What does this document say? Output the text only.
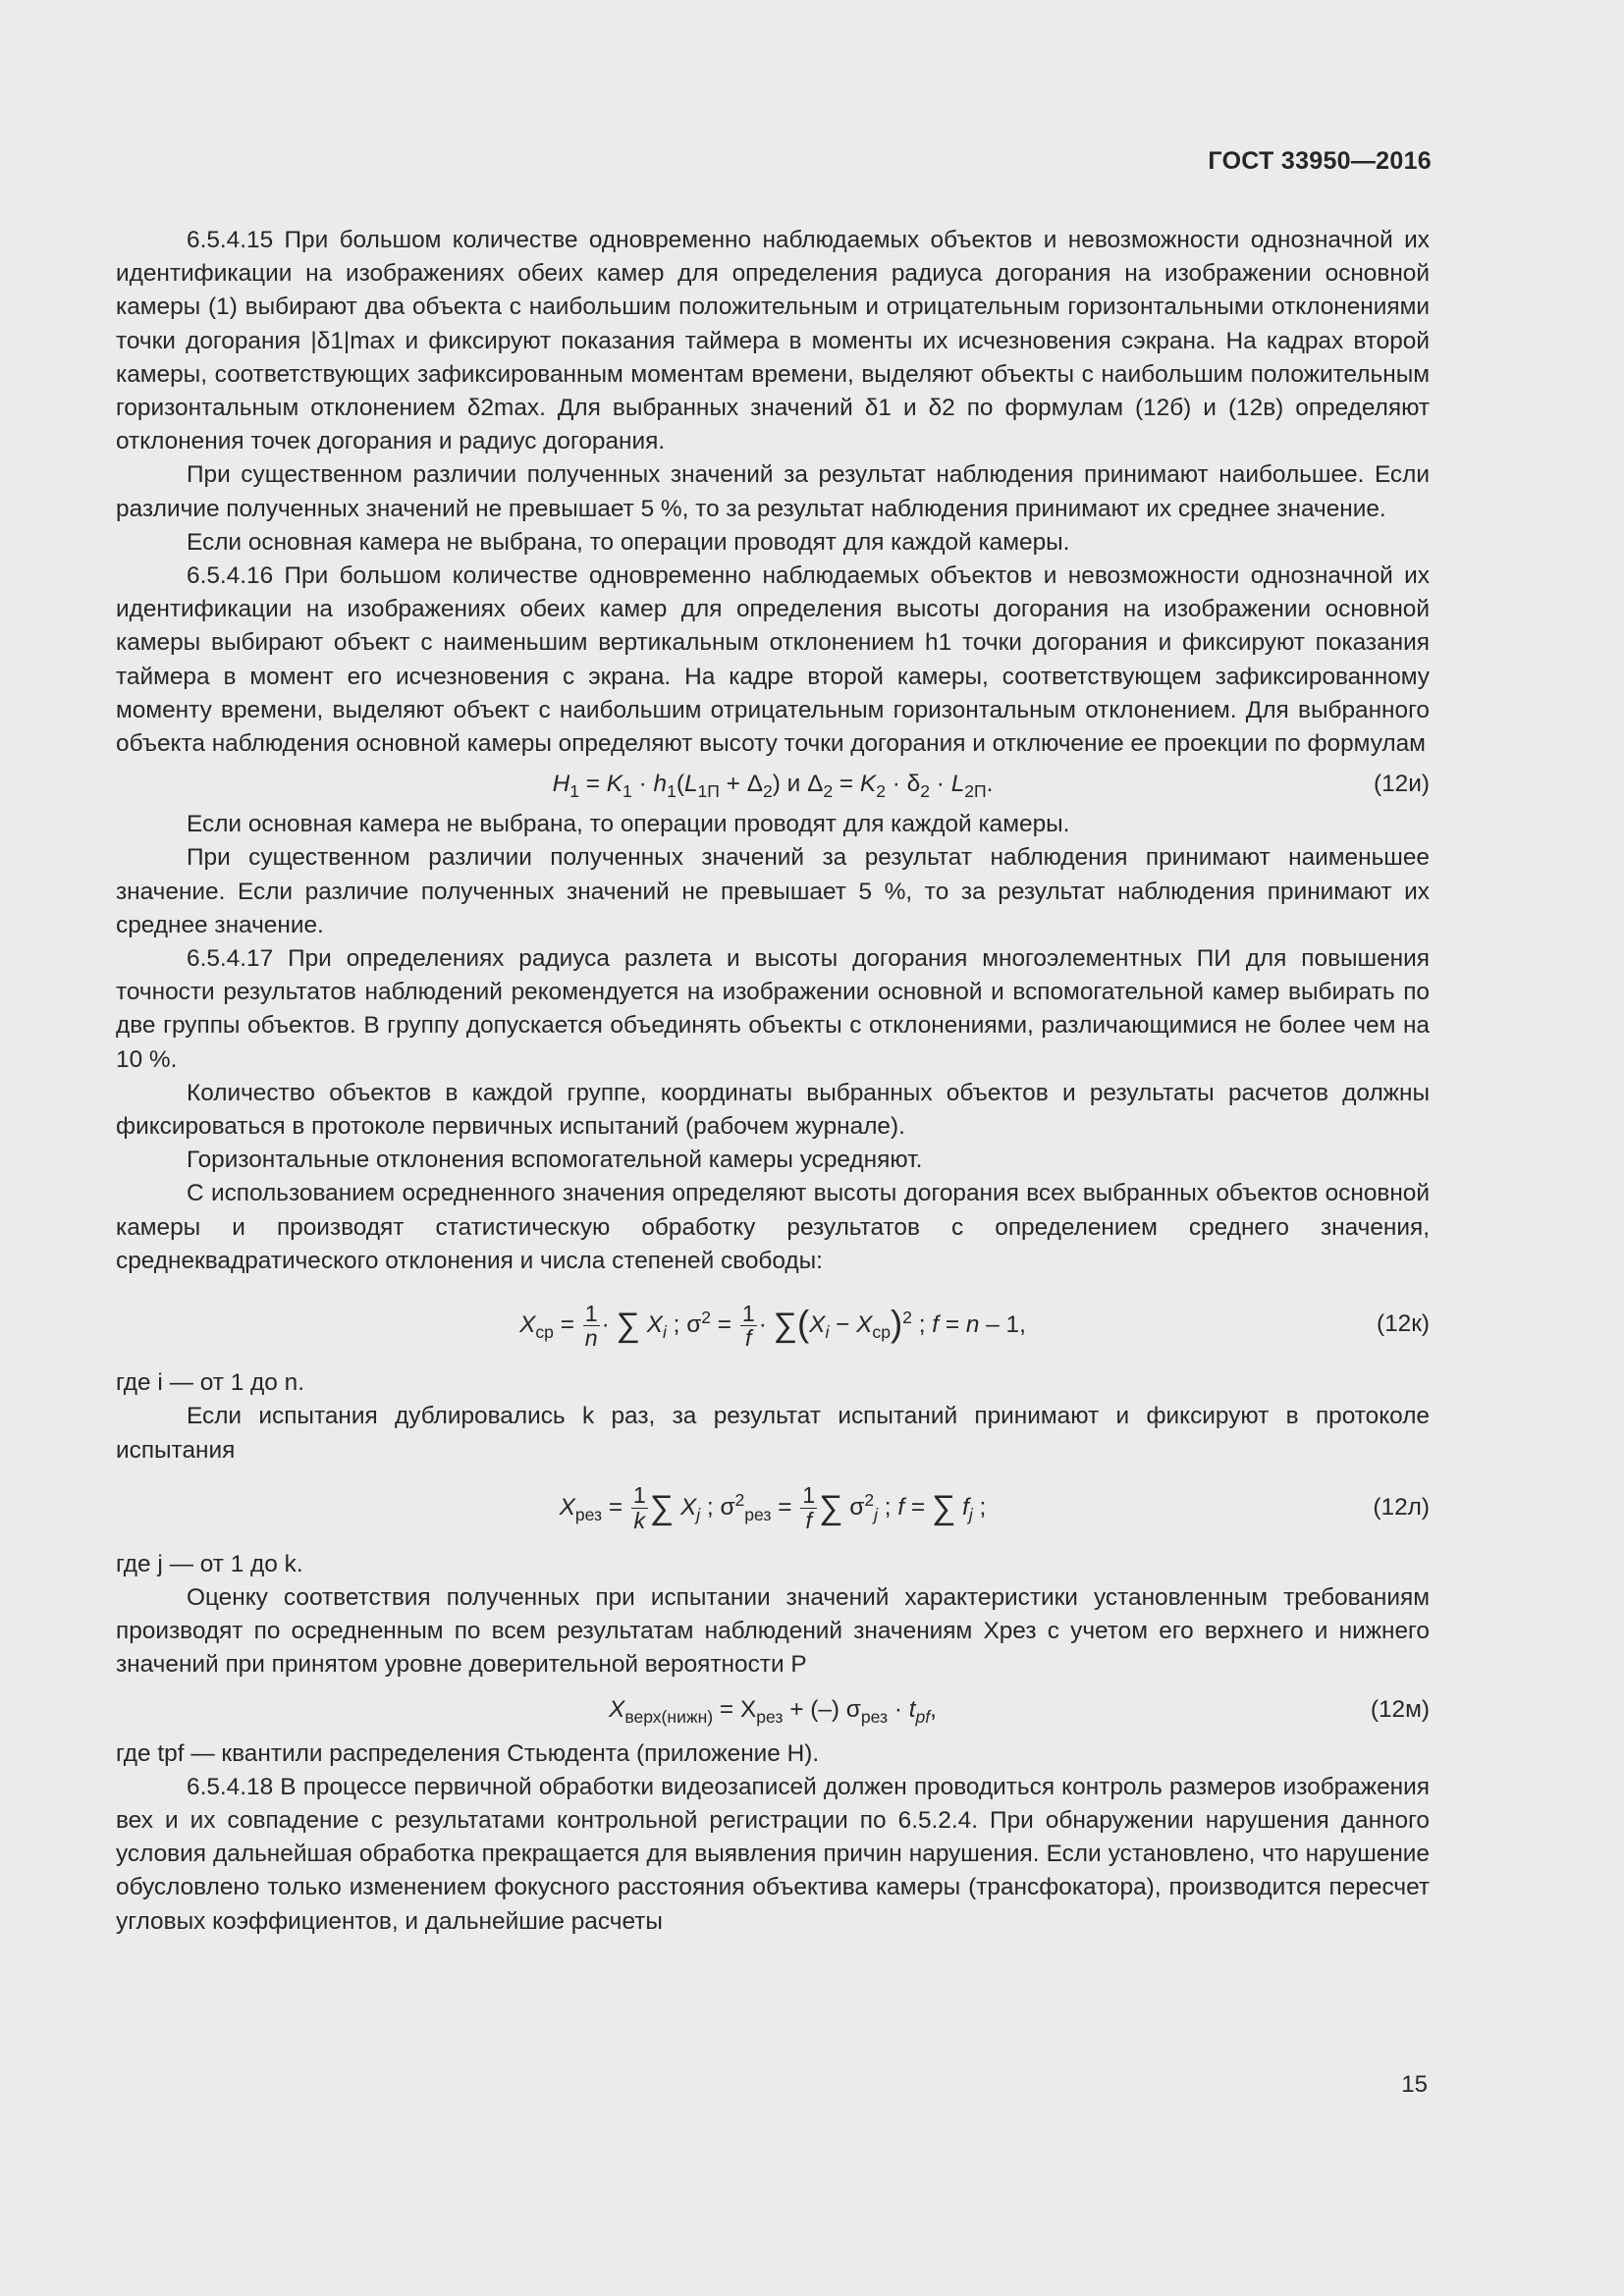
ГОСТ 33950—2016

6.5.4.15 При большом количестве одновременно наблюдаемых объектов и невозможности однозначной их идентификации на изображениях обеих камер для определения радиуса догорания на изображении основной камеры (1) выбирают два объекта с наибольшим положительным и отрицательным горизонтальными отклонениями точки догорания |δ1|max и фиксируют показания таймера в моменты их исчезновения сэкрана. На кадрах второй камеры, соответствующих зафиксированным моментам времени, выделяют объекты с наибольшим положительным горизонтальным отклонением δ2max. Для выбранных значений δ1 и δ2 по формулам (12б) и (12в) определяют отклонения точек догорания и радиус догорания.

При существенном различии полученных значений за результат наблюдения принимают наибольшее. Если различие полученных значений не превышает 5 %, то за результат наблюдения принимают их среднее значение.

Если основная камера не выбрана, то операции проводят для каждой камеры.

6.5.4.16 При большом количестве одновременно наблюдаемых объектов и невозможности однозначной их идентификации на изображениях обеих камер для определения высоты догорания на изображении основной камеры выбирают объект с наименьшим вертикальным отклонением h1 точки догорания и фиксируют показания таймера в момент его исчезновения с экрана. На кадре второй камеры, соответствующем зафиксированному моменту времени, выделяют объект с наибольшим отрицательным горизонтальным отклонением. Для выбранного объекта наблюдения основной камеры определяют высоту точки догорания и отключение ее проекции по формулам

$H_1 = K_1 \cdot h_1(L_{1П} + \Delta_2)$ и $\Delta_2 = K_2 \cdot \delta_2 \cdot L_{2П}$.	(12и)

Если основная камера не выбрана, то операции проводят для каждой камеры.

При существенном различии полученных значений за результат наблюдения принимают наименьшее значение. Если различие полученных значений не превышает 5 %, то за результат наблюдения принимают их среднее значение.

6.5.4.17 При определениях радиуса разлета и высоты догорания многоэлементных ПИ для повышения точности результатов наблюдений рекомендуется на изображении основной и вспомогательной камер выбирать по две группы объектов. В группу допускается объединять объекты с отклонениями, различающимися не более чем на 10 %.

Количество объектов в каждой группе, координаты выбранных объектов и результаты расчетов должны фиксироваться в протоколе первичных испытаний (рабочем журнале).

Горизонтальные отклонения вспомогательной камеры усредняют.

С использованием осредненного значения определяют высоты догорания всех выбранных объектов основной камеры и производят статистическую обработку результатов с определением среднего значения, среднеквадратического отклонения и числа степеней свободы:

$X_{ср} = \frac{1}{n}$ · ∑ $X_i$ ; $\sigma^2 = \frac{1}{f} \cdot \sum(X_i - X_{ср})^2$ ; f = n – 1,	(12к)

где i — от 1 до n.

Если испытания дублировались k раз, за результат испытаний принимают и фиксируют в протоколе испытания

$X_{рез} = \frac{1}{k}$ ∑ $X_j$ ; $\sigma^2_{рез} = \frac{1}{f}$ ∑ $\sigma^2_j$ ; f = ∑ $f_j$ ;	(12л)

где j — от 1 до k.

Оценку соответствия полученных при испытании значений характеристики установленным требованиям производят по осредненным по всем результатам наблюдений значениям Xрез с учетом его верхнего и нижнего значений при принятом уровне доверительной вероятности P

$X_{верх(нижн)} = X_{рез}$ + (–) $\sigma_{рез} \cdot t_{pf}$,	(12м)

где tpf — квантили распределения Стьюдента (приложение Н).

6.5.4.18 В процессе первичной обработки видеозаписей должен проводиться контроль размеров изображения вех и их совпадение с результатами контрольной регистрации по 6.5.2.4. При обнаружении нарушения данного условия дальнейшая обработка прекращается для выявления причин нарушения. Если установлено, что нарушение обусловлено только изменением фокусного расстояния объектива камеры (трансфокатора), производится пересчет угловых коэффициентов, и дальнейшие расчеты

15
